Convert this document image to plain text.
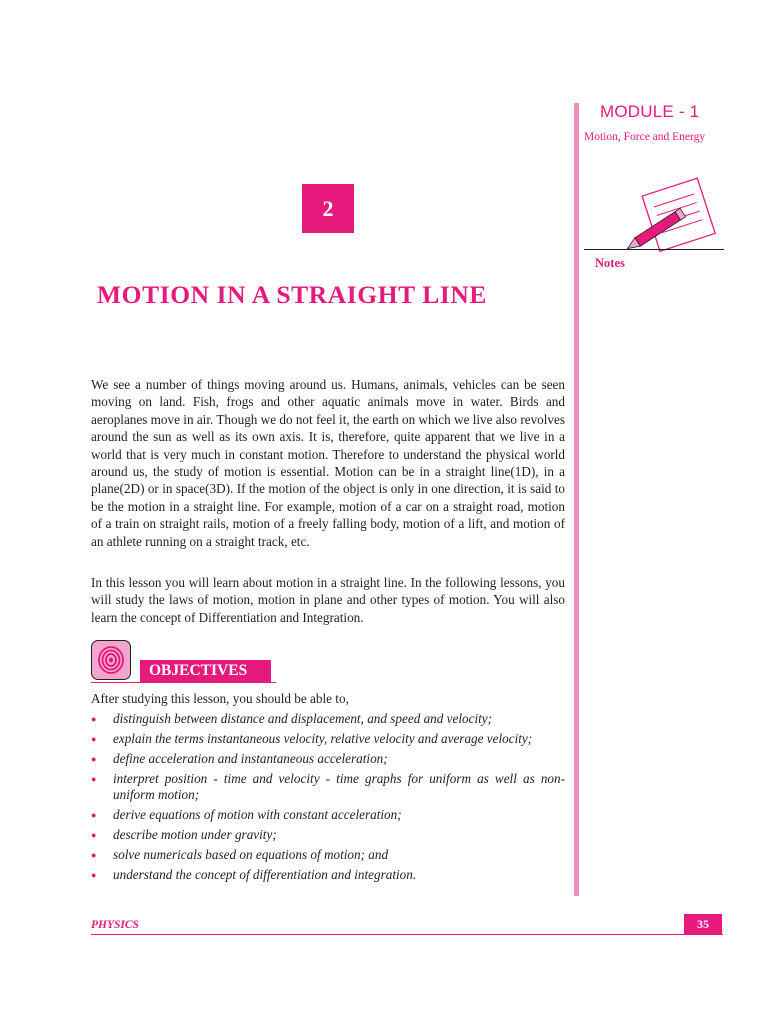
MODULE - 1
Motion, Force and Energy
Notes
2
MOTION IN A STRAIGHT LINE

We see a number of things moving around us. Humans, animals, vehicles can be seen moving on land. Fish, frogs and other aquatic animals move in water. Birds and aeroplanes move in air. Though we do not feel it, the earth on which we live also revolves around the sun as well as its own axis. It is, therefore, quite apparent that we live in a world that is very much in constant motion. Therefore to understand the physical world around us, the study of motion is essential. Motion can be in a straight line(1D), in a plane(2D) or in space(3D). If the motion of the object is only in one direction, it is said to be the motion in a straight line. For example, motion of a car on a straight road, motion of a train on straight rails, motion of a freely falling body, motion of a lift, and motion of an athlete running on a straight track, etc.

In this lesson you will learn about motion in a straight line. In the following lessons, you will study the laws of motion, motion in plane and other types of motion. You will also learn the concept of Differentiation and Integration.

OBJECTIVES
After studying this lesson, you should be able to,
● distinguish between distance and displacement, and speed and velocity;
● explain the terms instantaneous velocity, relative velocity and average velocity;
● define acceleration and instantaneous acceleration;
● interpret position - time and velocity - time graphs for uniform as well as non-uniform motion;
● derive equations of motion with constant acceleration;
● describe motion under gravity;
● solve numericals based on equations of motion; and
● understand the concept of differentiation and integration.
PHYSICS	35
